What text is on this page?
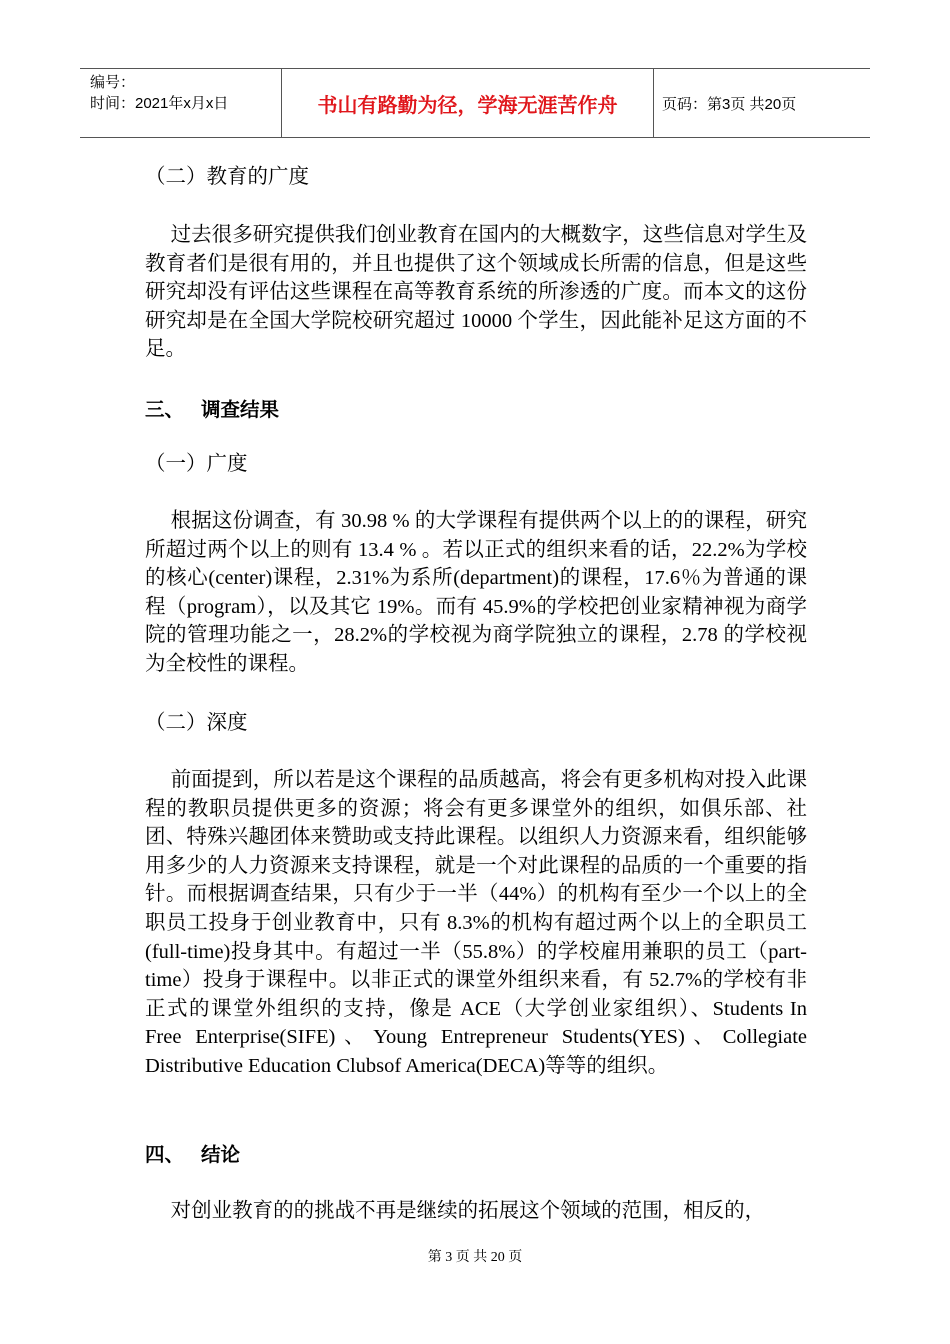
编号：
时间：2021年x月x日	书山有路勤为径，学海无涯苦作舟	页码：第3页 共20页
（二）教育的广度

过去很多研究提供我们创业教育在国内的大概数字，这些信息对学生及教育者们是很有用的，并且也提供了这个领域成长所需的信息，但是这些研究却没有评估这些课程在高等教育系统的所渗透的广度。而本文的这份研究却是在全国大学院校研究超过 10000 个学生，因此能补足这方面的不足。

三、 调查结果
（一）广度

根据这份调查，有 30.98 % 的大学课程有提供两个以上的的课程，研究所超过两个以上的则有 13.4 % 。若以正式的组织来看的话，22.2%为学校的核心(center)课程，2.31%为系所(department)的课程，17.6％为普通的课程（program），以及其它 19%。而有 45.9%的学校把创业家精神视为商学院的管理功能之一，28.2%的学校视为商学院独立的课程，2.78 的学校视为全校性的课程。

（二）深度

前面提到，所以若是这个课程的品质越高，将会有更多机构对投入此课程的教职员提供更多的资源；将会有更多课堂外的组织，如俱乐部、社团、特殊兴趣团体来赞助或支持此课程。以组织人力资源来看，组织能够用多少的人力资源来支持课程，就是一个对此课程的品质的一个重要的指针。而根据调查结果，只有少于一半（44%）的机构有至少一个以上的全职员工投身于创业教育中，只有 8.3%的机构有超过两个以上的全职员工(full-time)投身其中。有超过一半（55.8%）的学校雇用兼职的员工（part-time）投身于课程中。以非正式的课堂外组织来看，有 52.7%的学校有非正式的课堂外组织的支持，像是 ACE（大学创业家组织）、Students In Free Enterprise(SIFE)、Young Entrepreneur Students(YES)、Collegiate Distributive Education Clubsof America(DECA)等等的组织。

四、 结论

对创业教育的的挑战不再是继续的拓展这个领域的范围，相反的，

第 3 页 共 20 页
